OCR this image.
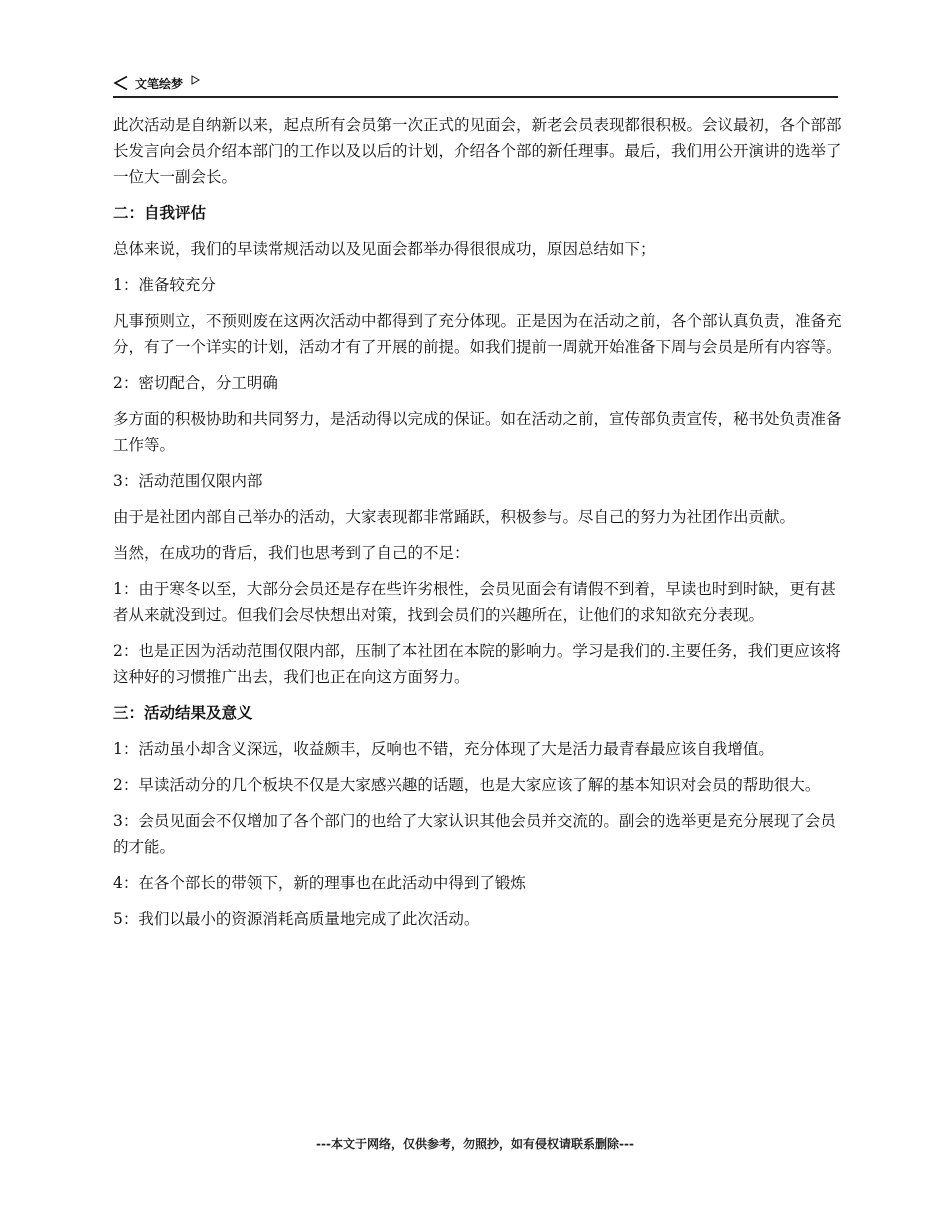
文笔绘梦

此次活动是自纳新以来，起点所有会员第一次正式的见面会，新老会员表现都很积极。会议最初，各个部部长发言向会员介绍本部门的工作以及以后的计划，介绍各个部的新任理事。最后，我们用公开演讲的选举了一位大一副会长。

二：自我评估

总体来说，我们的早读常规活动以及见面会都举办得很很成功，原因总结如下；

1：准备较充分

凡事预则立，不预则废在这两次活动中都得到了充分体现。正是因为在活动之前，各个部认真负责，准备充分，有了一个详实的计划，活动才有了开展的前提。如我们提前一周就开始准备下周与会员是所有内容等。

2：密切配合，分工明确

多方面的积极协助和共同努力，是活动得以完成的保证。如在活动之前，宣传部负责宣传，秘书处负责准备工作等。

3：活动范围仅限内部

由于是社团内部自己举办的活动，大家表现都非常踊跃，积极参与。尽自己的努力为社团作出贡献。

当然，在成功的背后，我们也思考到了自己的不足：

1：由于寒冬以至，大部分会员还是存在些许劣根性，会员见面会有请假不到着，早读也时到时缺，更有甚者从来就没到过。但我们会尽快想出对策，找到会员们的兴趣所在，让他们的求知欲充分表现。

2：也是正因为活动范围仅限内部，压制了本社团在本院的影响力。学习是我们的.主要任务，我们更应该将这种好的习惯推广出去，我们也正在向这方面努力。

三：活动结果及意义

1：活动虽小却含义深远，收益颇丰，反响也不错，充分体现了大是活力最青春最应该自我增值。

2：早读活动分的几个板块不仅是大家感兴趣的话题，也是大家应该了解的基本知识对会员的帮助很大。

3：会员见面会不仅增加了各个部门的也给了大家认识其他会员并交流的。副会的选举更是充分展现了会员的才能。

4：在各个部长的带领下，新的理事也在此活动中得到了锻炼

5：我们以最小的资源消耗高质量地完成了此次活动。

---本文于网络，仅供参考，勿照抄，如有侵权请联系删除---
